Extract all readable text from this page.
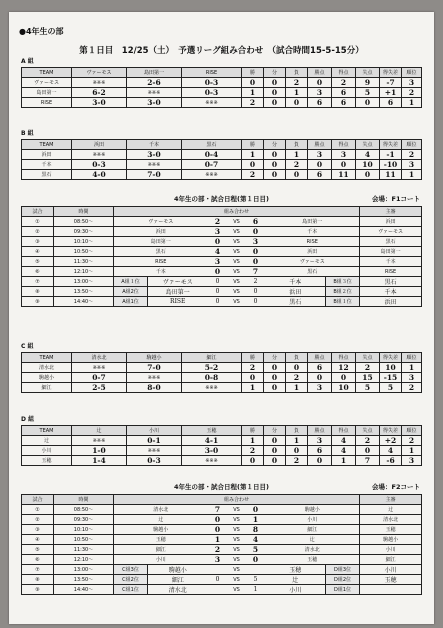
●4年生の部
第１日目　12/25（土）　予選リーグ組み合わせ　（試合時間15-5-15分）
TEAM	ヴァーモス	島田第一	RISE	勝	分	負	勝点	得点	失点	得失差	順位
ヴァーモス	※※※	2-6	0-3	0	0	2	0	2	9	-7	3
島田第一	6-2	※※※	0-3	1	0	1	3	6	5	+1	2
RISE	3-0	3-0	※※※	2	0	0	6	6	0	6	1
TEAM	浜田	千本	黒石	勝	分	負	勝点	得点	失点	得失差	順位
浜田	※※※	3-0	0-4	1	0	1	3	3	4	-1	2
千本	0-3	※※※	0-7	0	0	2	0	0	10	-10	3
黒石	4-0	7-0	※※※	2	0	0	6	11	0	11	1
試合	時間	組み合わせ							主審
①	08:50～	ヴァーモス		2	VS	6	島田第一		浜田
②	09:30～	浜田		3	VS	0	千本		ヴァーモス
③	10:10～	島田第一		0	VS	3	RISE		黒石
④	10:50～	黒石		4	VS	0	浜田		島田第一
⑤	11:30～	RISE		3	VS	0	ヴァーモス		千本
⑥	12:10～	千本		0	VS	7	黒石		RISE
⑦	13:00～	A組１位	ヴァーモス	0	VS	2	千本	B組３位	黒石
⑧	13:50～	A組2位	島田第一	0	VS	0	浜田	B組２位	千本
⑨	14:40～	A組1位	RISE	0	VS	0	黒石	B組１位	浜田
TEAM	清水北	駒越小	細江	勝	分	負	勝点	得点	失点	得失差	順位
清水北	※※※	7-0	5-2	2	0	0	6	12	2	10	1
駒越小	0-7	※※※	0-8	0	0	2	0	0	15	-15	3
細江	2-5	8-0	※※※	1	0	1	3	10	5	5	2
TEAM	辻	小川	玉穂	勝	分	負	勝点	得点	失点	得失差	順位
辻	※※※	0-1	4-1	1	0	1	3	4	2	+2	2
小川	1-0	※※※	3-0	2	0	0	6	4	0	4	1
玉穂	1-4	0-3	※※※	0	0	2	0	1	7	-6	3
試合	時間	組み合わせ							主審
①	08:50～	清水北		7	VS	0	駒越小		辻
②	09:30～	辻		0	VS	1	小川		清水北
③	10:10～	駒越小		0	VS	8	細江		玉穂
④	10:50～	玉穂		1	VS	4	辻		駒越小
⑤	11:30～	細江		2	VS	5	清水北		小川
⑥	12:10～	小川		3	VS	0	玉穂		細江
⑦	13:00～	C組3位	駒越小		VS		玉穂	D組3位	小川
⑧	13:50～	C組2位	細江	0	VS	5	辻	D組2位	玉穂
⑨	14:40～	C組1位	清水北		VS	1	小川	D組1位	
A 組
B 組
4年生の部・試合日程(第１日目)	会場：F1コート
C 組
D 組
4年生の部・試合日程(第１日目)	会場：F2コート
